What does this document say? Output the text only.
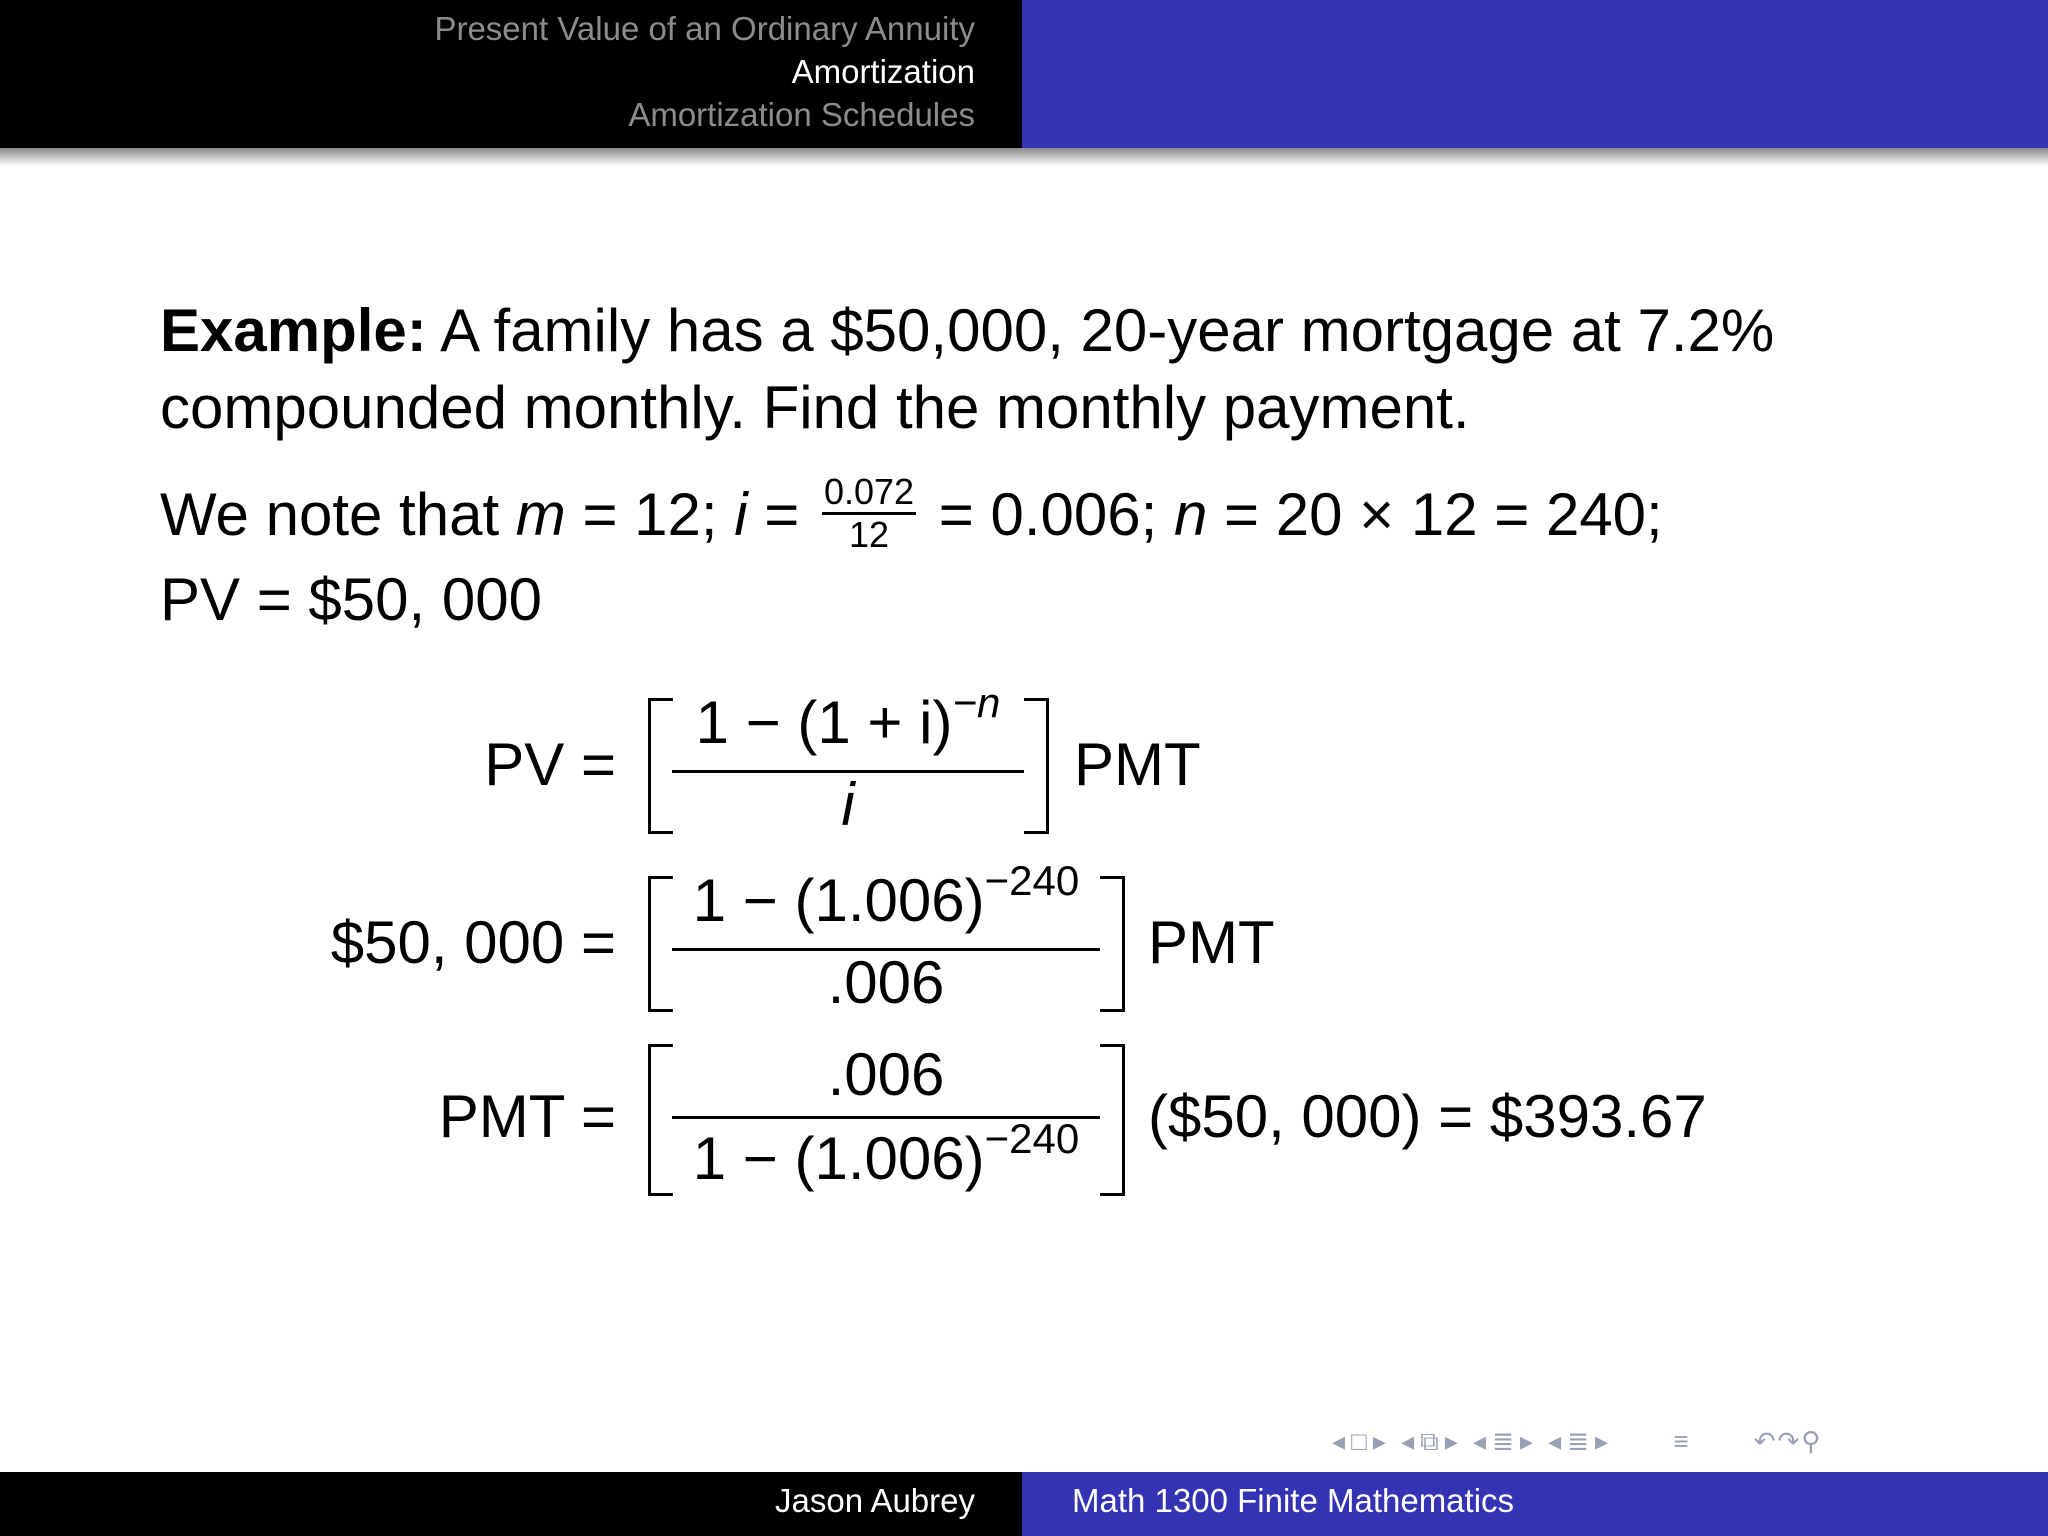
Present Value of an Ordinary Annuity
Amortization
Amortization Schedules
Example: A family has a $50,000, 20-year mortgage at 7.2%
compounded monthly. Find the monthly payment.
We note that m = 12; $i = \frac{0.072}{12} = 0.006$; n = 20 × 12 = 240;
PV = $50, 000
PV =
$1 - (1 + i)^{-n}$
i
PMT
$50, 000 =
$1 - (1.006)^{-240}$
.006
PMT
PMT =
.006
$1 - (1.006)^{-240}$	($50, 000) = $393.67
◂ □ ▸ ◂ ⧉ ▸ ◂ ≣ ▸ ◂ ≣ ▸ ≡ ↶↷⚲
Jason Aubrey	Math 1300 Finite Mathematics
